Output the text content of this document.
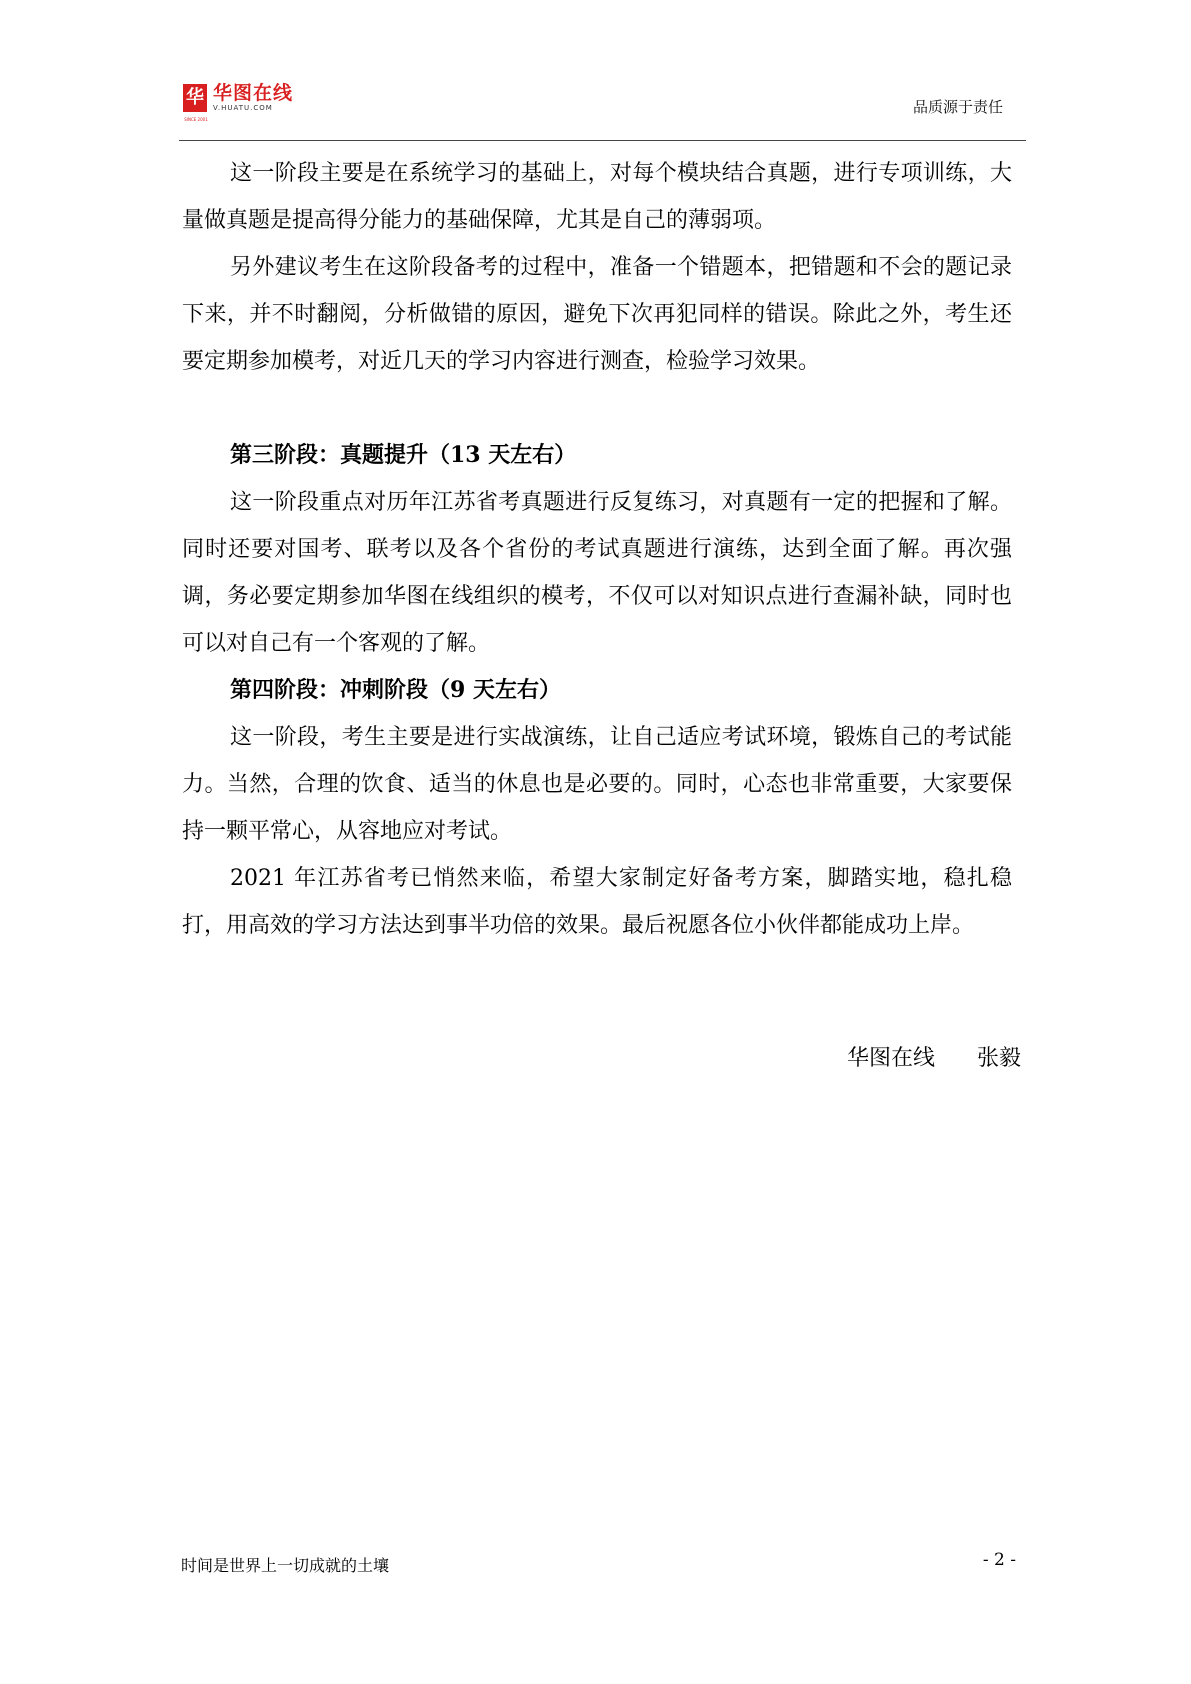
华
SINCE 2001
华图在线
V.HUATU.COM	品质源于责任

这一阶段主要是在系统学习的基础上，对每个模块结合真题，进行专项训练，大量做真题是提高得分能力的基础保障，尤其是自己的薄弱项。

另外建议考生在这阶段备考的过程中，准备一个错题本，把错题和不会的题记录下来，并不时翻阅，分析做错的原因，避免下次再犯同样的错误。除此之外，考生还要定期参加模考，对近几天的学习内容进行测查，检验学习效果。

第三阶段：真题提升（13 天左右）

这一阶段重点对历年江苏省考真题进行反复练习，对真题有一定的把握和了解。同时还要对国考、联考以及各个省份的考试真题进行演练，达到全面了解。再次强调，务必要定期参加华图在线组织的模考，不仅可以对知识点进行查漏补缺，同时也可以对自己有一个客观的了解。

第四阶段：冲刺阶段（9 天左右）

这一阶段，考生主要是进行实战演练，让自己适应考试环境，锻炼自己的考试能力。当然，合理的饮食、适当的休息也是必要的。同时，心态也非常重要，大家要保持一颗平常心，从容地应对考试。

2021 年江苏省考已悄然来临，希望大家制定好备考方案，脚踏实地，稳扎稳打，用高效的学习方法达到事半功倍的效果。最后祝愿各位小伙伴都能成功上岸。

华图在线      张毅
时间是世界上一切成就的土壤	- 2 -
